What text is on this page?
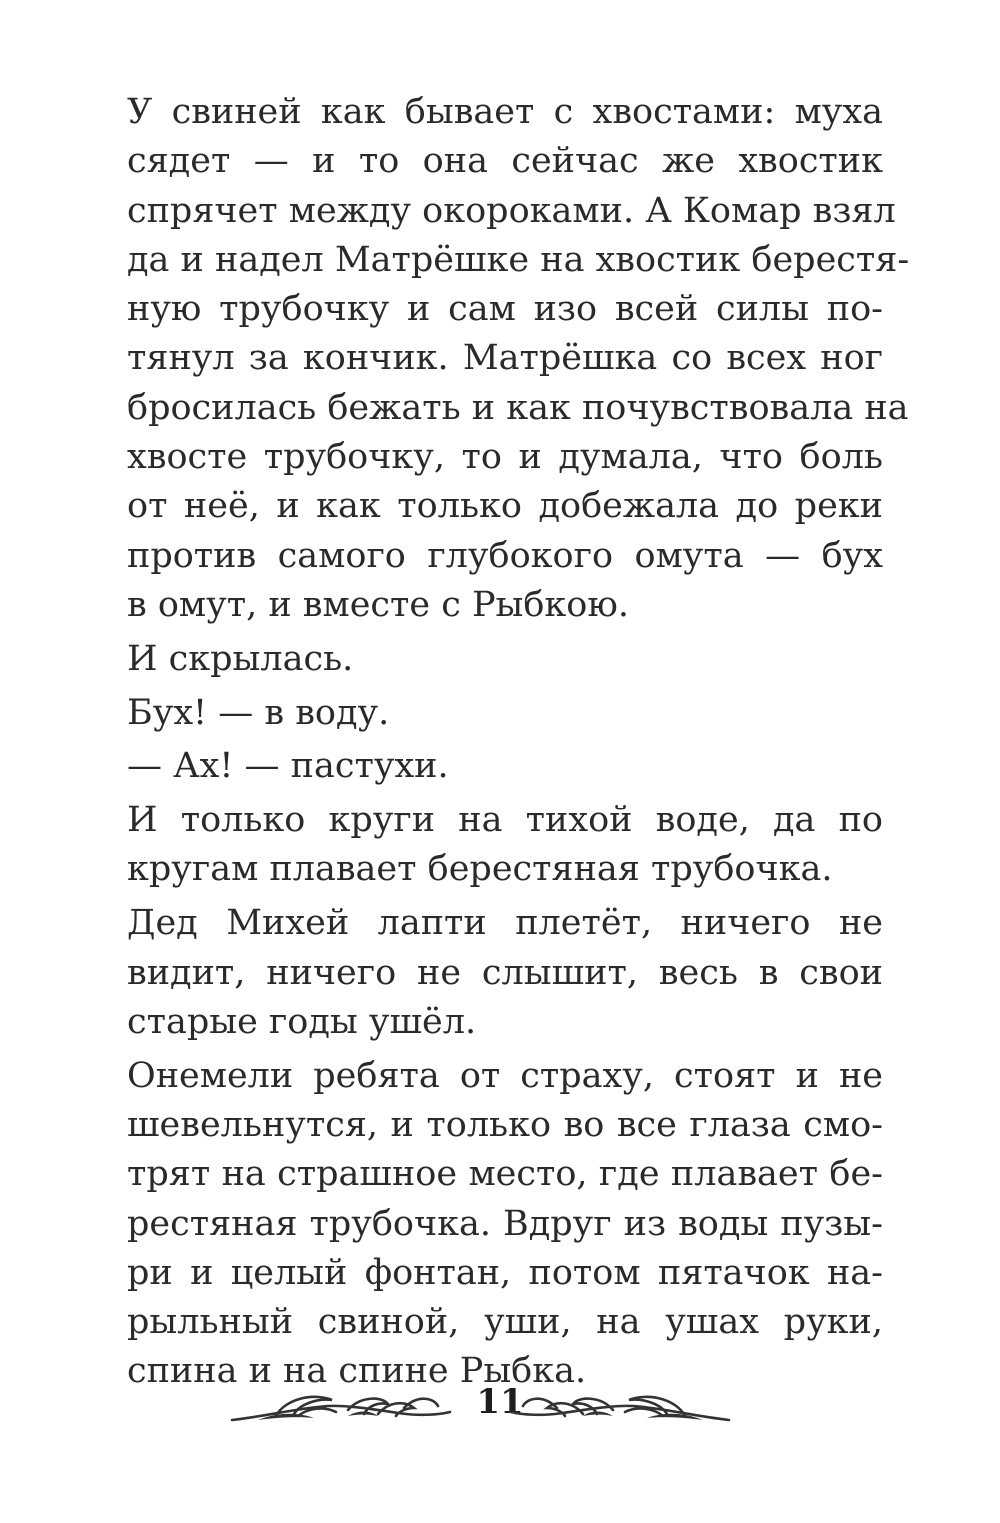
У свиней как бывает с хвостами: муха
сядет — и то она сейчас же хвостик
спрячет между окороками. А Комар взял
да и надел Матрёшке на хвостик берестя-
ную трубочку и сам изо всей силы по-
тянул за кончик. Матрёшка со всех ног
бросилась бежать и как почувствовала на
хвосте трубочку, то и думала, что боль
от неё, и как только добежала до реки
против самого глубокого омута — бух
в омут, и вместе с Рыбкою.

И скрылась.

Бух! — в воду.

— Ах! — пастухи.

И только круги на тихой воде, да по
кругам плавает берестяная трубочка.

Дед Михей лапти плетёт, ничего не
видит, ничего не слышит, весь в свои
старые годы ушёл.

Онемели ребята от страху, стоят и не
шевельнутся, и только во все глаза смо-
трят на страшное место, где плавает бе-
рестяная трубочка. Вдруг из воды пузы-
ри и целый фонтан, потом пятачок на-
рыльный свиной, уши, на ушах руки,
спина и на спине Рыбка.

11
